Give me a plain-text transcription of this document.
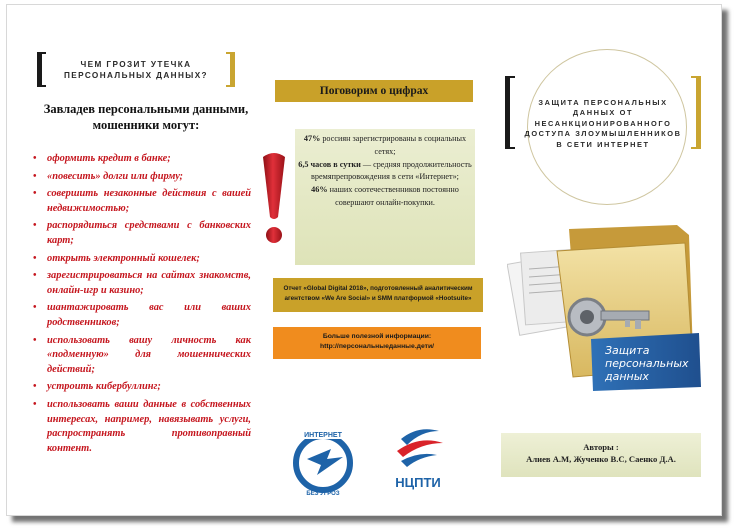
ЧЕМ ГРОЗИТ УТЕЧКА ПЕРСОНАЛЬНЫХ ДАННЫХ?
Завладев персональными данными, мошенники могут:
• оформить кредит в банке;
• «повесить» долги или фирму;
• совершить незаконные действия с вашей недвижимостью;
• распорядиться средствами с банковских карт;
• открыть электронный кошелек;
• зарегистрироваться на сайтах знакомств, онлайн-игр и казино;
• шантажировать вас или ваших родственников;
• использовать вашу личность как «подменную» для мошеннических действий;
• устроить кибербуллинг;
• использовать ваши данные в собственных интересах, например, навязывать услуги, распространять противоправный контент.
Поговорим о цифрах
47% россиян зарегистрированы в социальных сетях;
6,5 часов в сутки — средняя продолжительность времяпрепровождения в сети «Интернет»;
46% наших соотечественников постоянно совершают онлайн-покупки.
Отчет «Global Digital 2018», подготовленный аналитическим агентством «We Are Social» и SMM платформой «Hootsuite»
Больше полезной информации:
http://персональныеданные.дети/
ИНТЕРНЕТ
БЕЗ УГРОЗ
НЦПТИ
ЗАЩИТА ПЕРСОНАЛЬНЫХ ДАННЫХ ОТ НЕСАНКЦИОНИРОВАННОГО ДОСТУПА ЗЛОУМЫШЛЕННИКОВ В СЕТИ ИНТЕРНЕТ
Защита
персональных
данных
Авторы :
Алиев А.М, Жученко В.С, Саенко Д.А.
